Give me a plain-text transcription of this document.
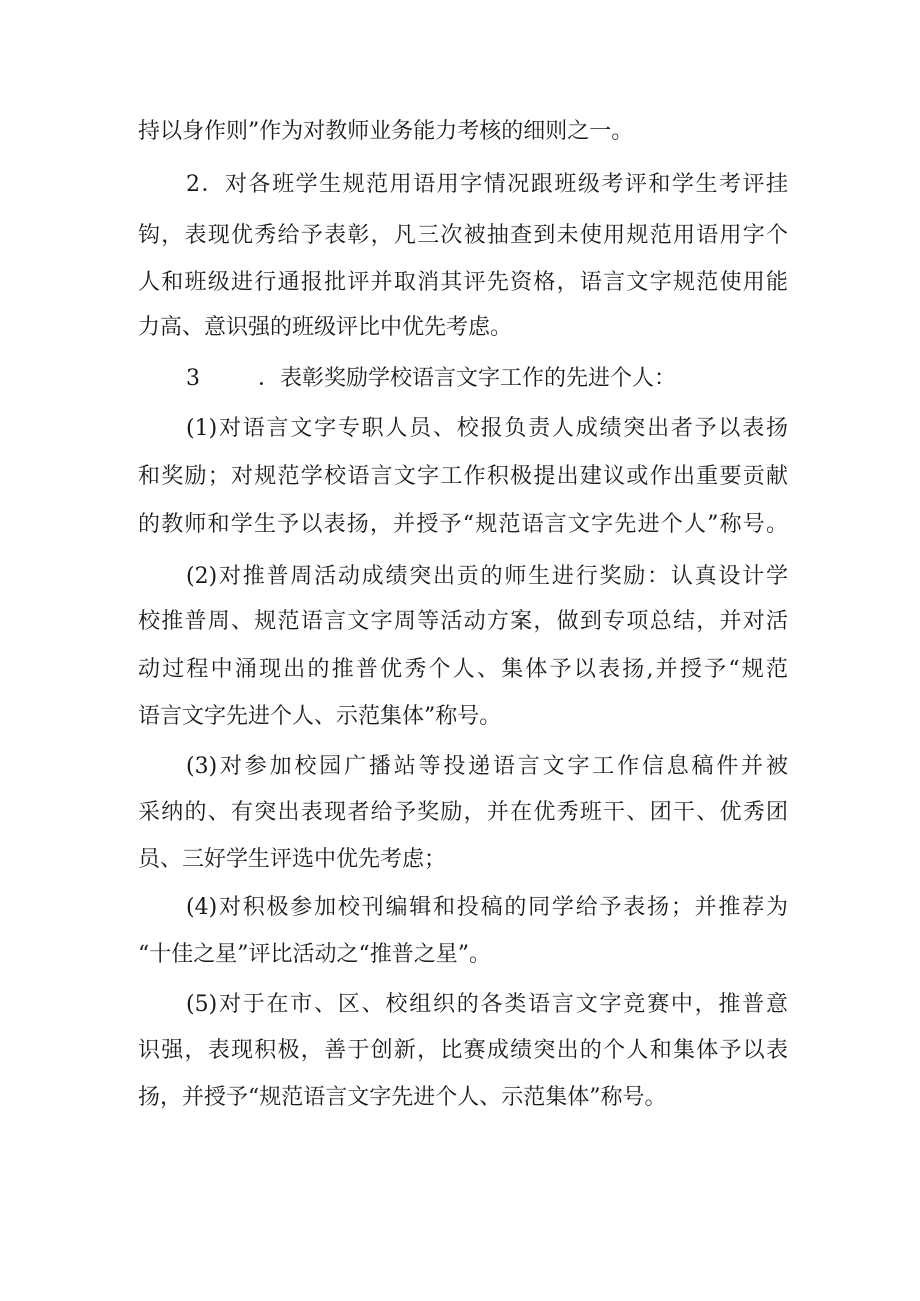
持以身作则”作为对教师业务能力考核的细则之一。
2．对各班学生规范用语用字情况跟班级考评和学生考评挂
钩，表现优秀给予表彰，凡三次被抽查到未使用规范用语用字个
人和班级进行通报批评并取消其评先资格，语言文字规范使用能
力高、意识强的班级评比中优先考虑。
3	．表彰奖励学校语言文字工作的先进个人：
(1)对语言文字专职人员、校报负责人成绩突出者予以表扬
和奖励；对规范学校语言文字工作积极提出建议或作出重要贡献
的教师和学生予以表扬，并授予“规范语言文字先进个人”称号。
(2)对推普周活动成绩突出贡的师生进行奖励：认真设计学
校推普周、规范语言文字周等活动方案，做到专项总结，并对活
动过程中涌现出的推普优秀个人、集体予以表扬,并授予“规范
语言文字先进个人、示范集体”称号。
(3)对参加校园广播站等投递语言文字工作信息稿件并被
采纳的、有突出表现者给予奖励，并在优秀班干、团干、优秀团
员、三好学生评选中优先考虑；
(4)对积极参加校刊编辑和投稿的同学给予表扬；并推荐为
“十佳之星”评比活动之“推普之星”。
(5)对于在市、区、校组织的各类语言文字竞赛中，推普意
识强，表现积极，善于创新，比赛成绩突出的个人和集体予以表
扬，并授予“规范语言文字先进个人、示范集体”称号。
